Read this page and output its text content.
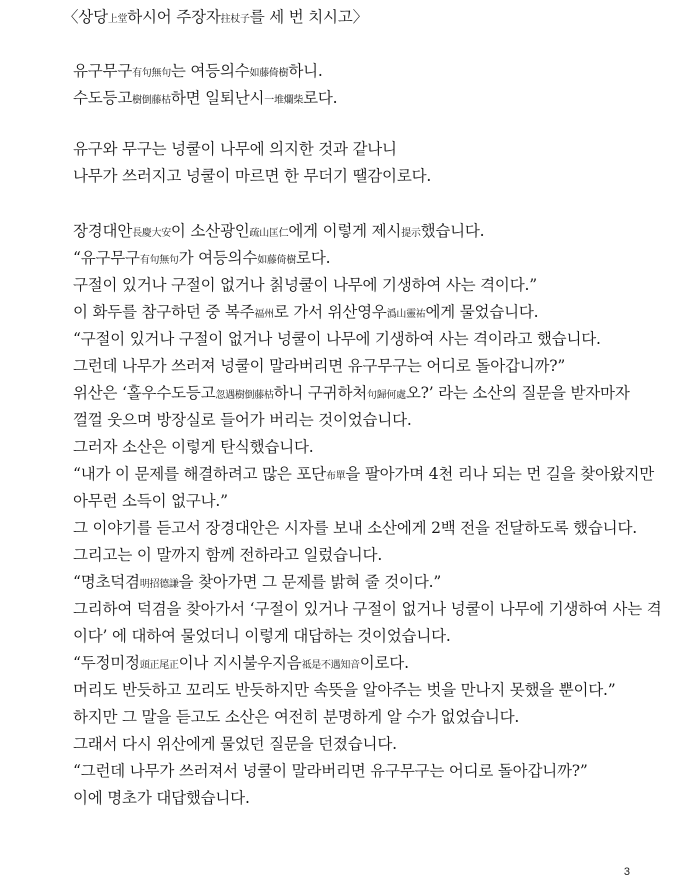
〈상당上堂하시어 주장자拄杖子를 세 번 치시고〉
유구무구有句無句는 여등의수如藤倚樹하니.
수도등고樹倒藤枯하면 일퇴난시一堆爛柴로다.
유구와 무구는 넝쿨이 나무에 의지한 것과 같나니
나무가 쓰러지고 넝쿨이 마르면 한 무더기 땔감이로다.
장경대안長慶大安이 소산광인疏山匡仁에게 이렇게 제시提示했습니다.
“유구무구有句無句가 여등의수如藤倚樹로다.
구절이 있거나 구절이 없거나 칡넝쿨이 나무에 기생하여 사는 격이다.”
이 화두를 참구하던 중 복주福州로 가서 위산영우潙山靈祐에게 물었습니다.
“구절이 있거나 구절이 없거나 넝쿨이 나무에 기생하여 사는 격이라고 했습니다.
그런데 나무가 쓰러져 넝쿨이 말라버리면 유구무구는 어디로 돌아갑니까?”
위산은 ‘홀우수도등고忽遇樹倒藤枯하니 구귀하처句歸何處오?’ 라는 소산의 질문을 받자마자
껄껄 웃으며 방장실로 들어가 버리는 것이었습니다.
그러자 소산은 이렇게 탄식했습니다.
“내가 이 문제를 해결하려고 많은 포단布單을 팔아가며 4천 리나 되는 먼 길을 찾아왔지만
아무런 소득이 없구나.”
그 이야기를 듣고서 장경대안은 시자를 보내 소산에게 2백 전을 전달하도록 했습니다.
그리고는 이 말까지 함께 전하라고 일렀습니다.
“명초덕겸明招德謙을 찾아가면 그 문제를 밝혀 줄 것이다.”
그리하여 덕겸을 찾아가서 ‘구절이 있거나 구절이 없거나 넝쿨이 나무에 기생하여 사는 격
이다’ 에 대하여 물었더니 이렇게 대답하는 것이었습니다.
“두정미정頭正尾正이나 지시불우지음祗是不遇知音이로다.
머리도 반듯하고 꼬리도 반듯하지만 속뜻을 알아주는 벗을 만나지 못했을 뿐이다.”
하지만 그 말을 듣고도 소산은 여전히 분명하게 알 수가 없었습니다.
그래서 다시 위산에게 물었던 질문을 던졌습니다.
“그런데 나무가 쓰러져서 넝쿨이 말라버리면 유구무구는 어디로 돌아갑니까?”
이에 명초가 대답했습니다.
3
